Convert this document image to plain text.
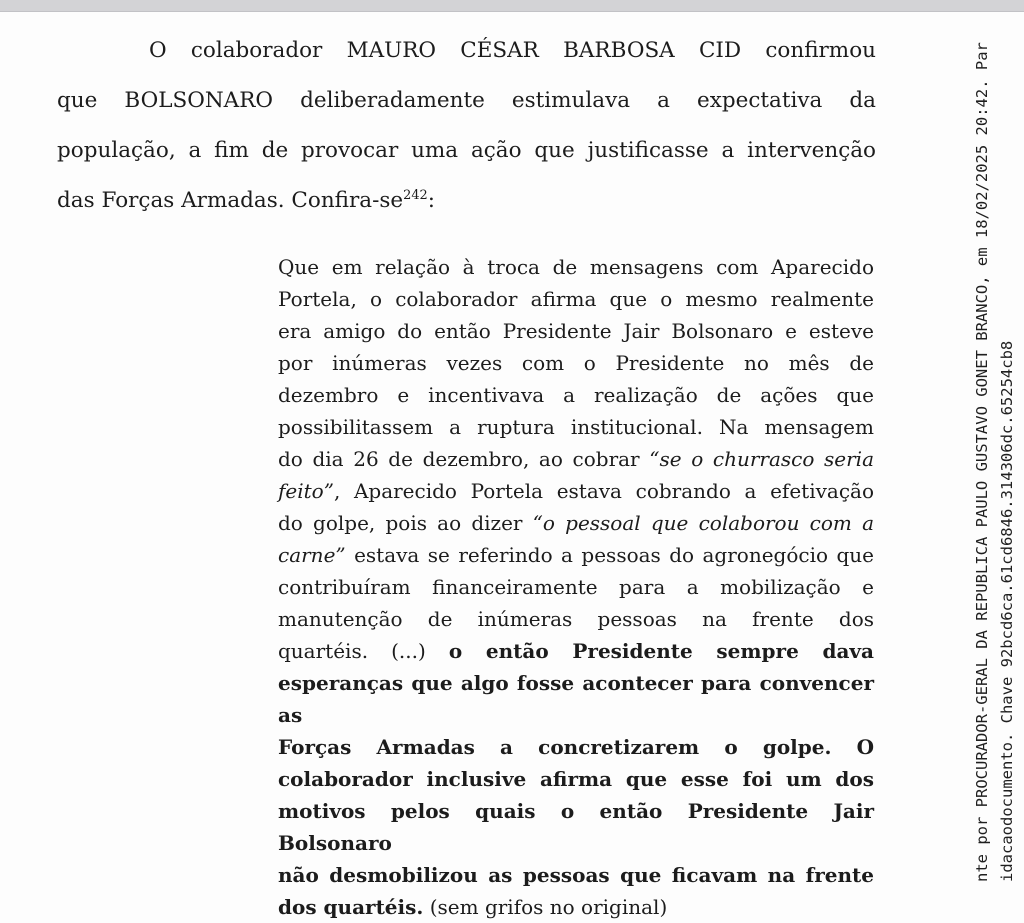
O colaborador MAURO CÉSAR BARBOSA CID confirmou
que BOLSONARO deliberadamente estimulava a expectativa da
população, a fim de provocar uma ação que justificasse a intervenção
das Forças Armadas. Confira-$se^{242}$:
Que em relação à troca de mensagens com Aparecido
Portela, o colaborador afirma que o mesmo realmente
era amigo do então Presidente Jair Bolsonaro e esteve
por inúmeras vezes com o Presidente no mês de
dezembro e incentivava a realização de ações que
possibilitassem a ruptura institucional. Na mensagem
do dia 26 de dezembro, ao cobrar “se o churrasco seria
feito”, Aparecido Portela estava cobrando a efetivação
do golpe, pois ao dizer “o pessoal que colaborou com a
carne” estava se referindo a pessoas do agronegócio que
contribuíram financeiramente para a mobilização e
manutenção de inúmeras pessoas na frente dos
quartéis. (...) o então Presidente sempre dava
esperanças que algo fosse acontecer para convencer as
Forças Armadas a concretizarem o golpe. O
colaborador inclusive afirma que esse foi um dos
motivos pelos quais o então Presidente Jair Bolsonaro
não desmobilizou as pessoas que ficavam na frente
dos quartéis. (sem grifos no original)
nte por PROCURADOR-GERAL DA REPUBLICA PAULO GUSTAVO GONET BRANCO, em 18/02/2025 20:42. Par idacaodocumento. Chave 92bcd6ca.61cd6846.314306dc.65254cb8
